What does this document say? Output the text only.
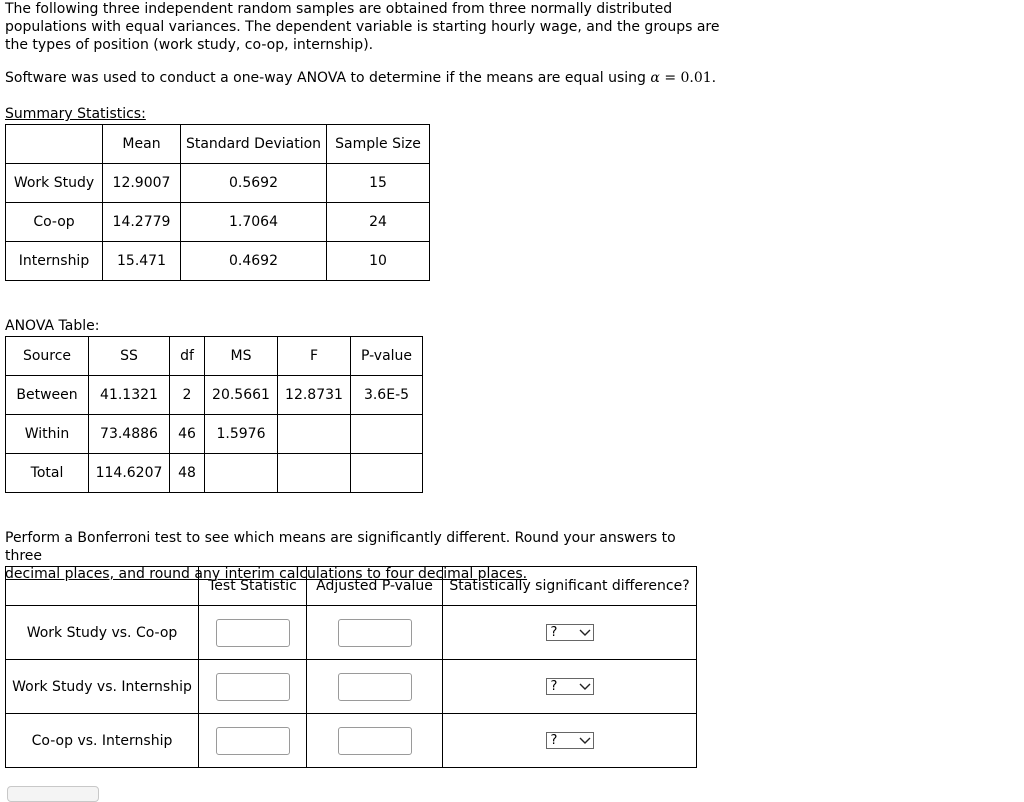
The following three independent random samples are obtained from three normally distributed populations with equal variances. The dependent variable is starting hourly wage, and the groups are the types of position (work study, co-op, internship).
Software was used to conduct a one-way ANOVA to determine if the means are equal using α = 0.01.
Summary Statistics:
	Mean	Standard Deviation	Sample Size
Work Study	12.9007	0.5692	15
Co-op	14.2779	1.7064	24
Internship	15.471	0.4692	10
ANOVA Table:
Source	SS	df	MS	F	P-value
Between	41.1321	2	20.5661	12.8731	3.6E-5
Within	73.4886	46	1.5976		
Total	114.6207	48			
Perform a Bonferroni test to see which means are significantly different. Round your answers to three
decimal places, and round any interim calculations to four decimal places.
	Test Statistic	Adjusted P-value	Statistically significant difference?
Work Study vs. Co-op			?

Work Study vs. Internship			?

Co-op vs. Internship			?
